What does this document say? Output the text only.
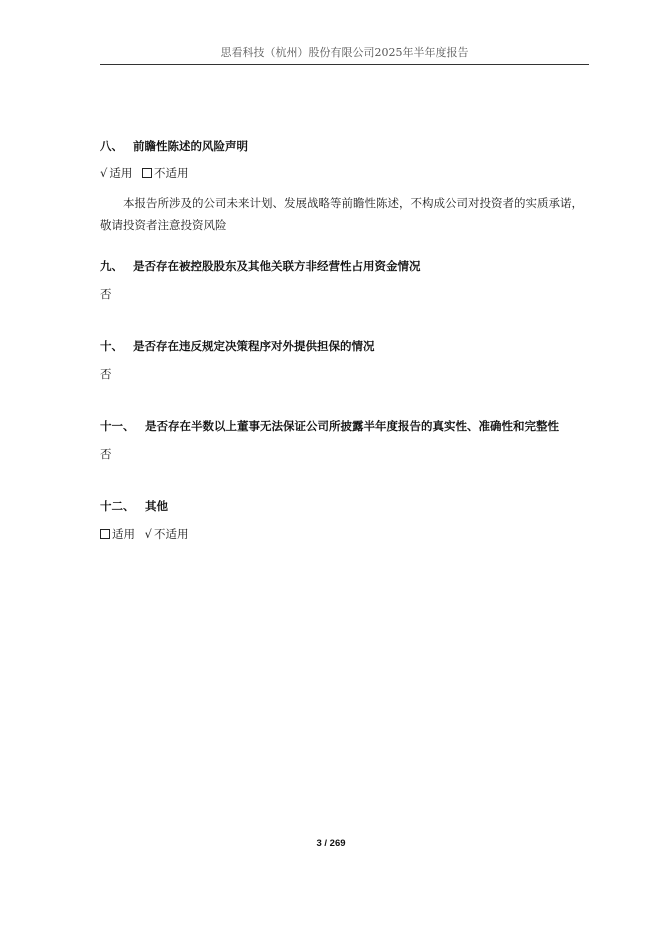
思看科技（杭州）股份有限公司2025年半年度报告
八、 前瞻性陈述的风险声明
√ 适用 不适用
本报告所涉及的公司未来计划、发展战略等前瞻性陈述，不构成公司对投资者的实质承诺，
敬请投资者注意投资风险
九、 是否存在被控股股东及其他关联方非经营性占用资金情况
否
十、 是否存在违反规定决策程序对外提供担保的情况
否
十一、 是否存在半数以上董事无法保证公司所披露半年度报告的真实性、准确性和完整性
否
十二、 其他
适用 √ 不适用
3 / 269
